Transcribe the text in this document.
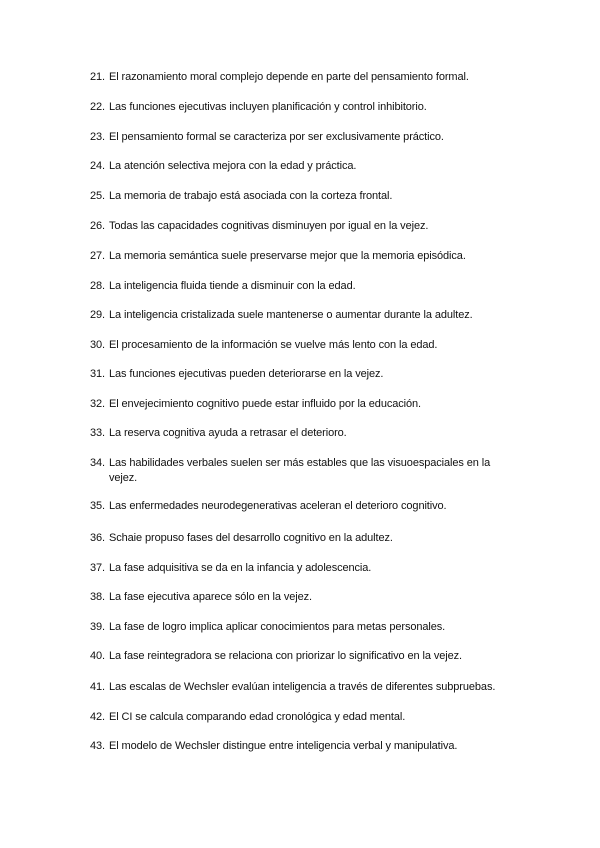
21. El razonamiento moral complejo depende en parte del pensamiento formal.
22. Las funciones ejecutivas incluyen planificación y control inhibitorio.
23. El pensamiento formal se caracteriza por ser exclusivamente práctico.
24. La atención selectiva mejora con la edad y práctica.
25. La memoria de trabajo está asociada con la corteza frontal.
26. Todas las capacidades cognitivas disminuyen por igual en la vejez.
27. La memoria semántica suele preservarse mejor que la memoria episódica.
28. La inteligencia fluida tiende a disminuir con la edad.
29. La inteligencia cristalizada suele mantenerse o aumentar durante la adultez.
30. El procesamiento de la información se vuelve más lento con la edad.
31. Las funciones ejecutivas pueden deteriorarse en la vejez.
32. El envejecimiento cognitivo puede estar influido por la educación.
33. La reserva cognitiva ayuda a retrasar el deterioro.
34. Las habilidades verbales suelen ser más estables que las visuoespaciales en la vejez.
35. Las enfermedades neurodegenerativas aceleran el deterioro cognitivo.
36. Schaie propuso fases del desarrollo cognitivo en la adultez.
37. La fase adquisitiva se da en la infancia y adolescencia.
38. La fase ejecutiva aparece sólo en la vejez.
39. La fase de logro implica aplicar conocimientos para metas personales.
40. La fase reintegradora se relaciona con priorizar lo significativo en la vejez.
41. Las escalas de Wechsler evalúan inteligencia a través de diferentes subpruebas.
42. El CI se calcula comparando edad cronológica y edad mental.
43. El modelo de Wechsler distingue entre inteligencia verbal y manipulativa.
